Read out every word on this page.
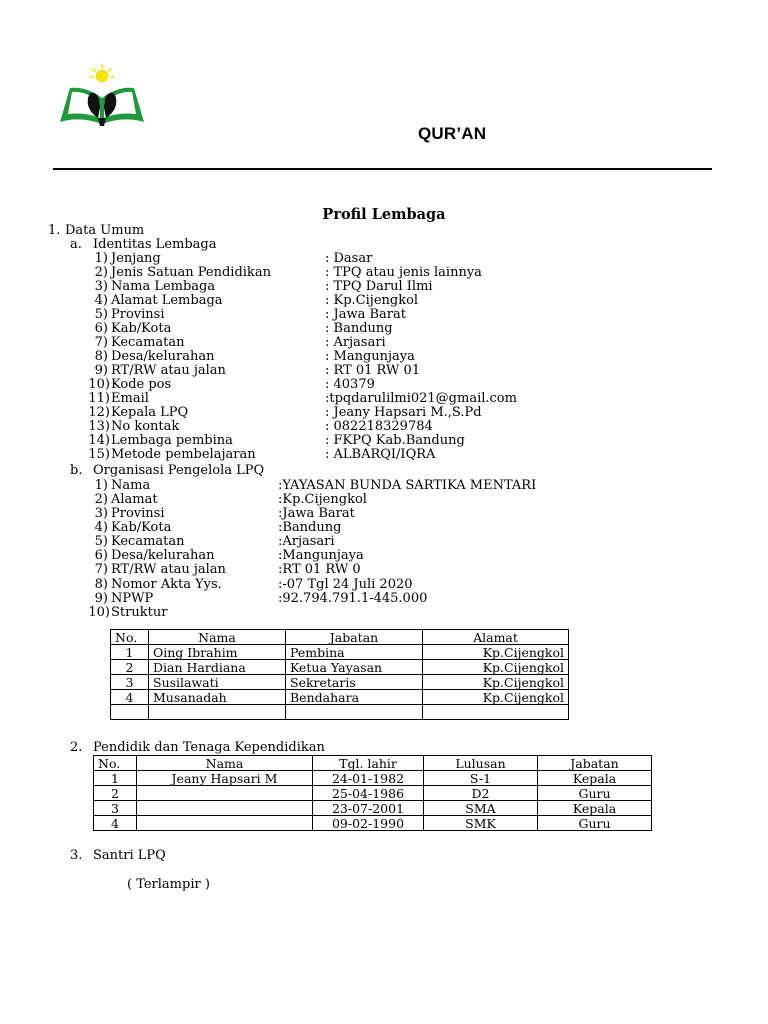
QUR’AN
Profil Lembaga
1. Data Umum
a. Identitas Lembaga
1) Jenjang	: Dasar
2) Jenis Satuan Pendidikan	: TPQ atau jenis lainnya
3) Nama Lembaga	: TPQ Darul Ilmi
4) Alamat Lembaga	: Kp.Cijengkol
5) Provinsi	: Jawa Barat
6) Kab/Kota	: Bandung
7) Kecamatan	: Arjasari
8) Desa/kelurahan	: Mangunjaya
9) RT/RW atau jalan	: RT 01 RW 01
10) Kode pos	: 40379
11) Email	:tpqdarulilmi021@gmail.com
12) Kepala LPQ	: Jeany Hapsari M.,S.Pd
13) No kontak	: 082218329784
14) Lembaga pembina	: FKPQ Kab.Bandung
15) Metode pembelajaran	: ALBARQI/IQRA
b. Organisasi Pengelola LPQ
1) Nama	:YAYASAN BUNDA SARTIKA MENTARI
2) Alamat	:Kp.Cijengkol
3) Provinsi	:Jawa Barat
4) Kab/Kota	:Bandung
5) Kecamatan	:Arjasari
6) Desa/kelurahan	:Mangunjaya
7) RT/RW atau jalan	:RT 01 RW 0
8) Nomor Akta Yys.	:-07 Tgl 24 Juli 2020
9) NPWP	:92.794.791.1-445.000
10) Struktur
No.	Nama	Jabatan	Alamat
1	Oing Ibrahim	Pembina	Kp.Cijengkol
2	Dian Hardiana	Ketua Yayasan	Kp.Cijengkol
3	Susilawati	Sekretaris	Kp.Cijengkol
4	Musanadah	Bendahara	Kp.Cijengkol

2. Pendidik dan Tenaga Kependidikan
No.	Nama	Tgl. lahir	Lulusan	Jabatan
1	Jeany Hapsari M	24-01-1982	S-1	Kepala
2		25-04-1986	D2	Guru
3		23-07-2001	SMA	Kepala
4		09-02-1990	SMK	Guru
3. Santri LPQ
( Terlampir )
